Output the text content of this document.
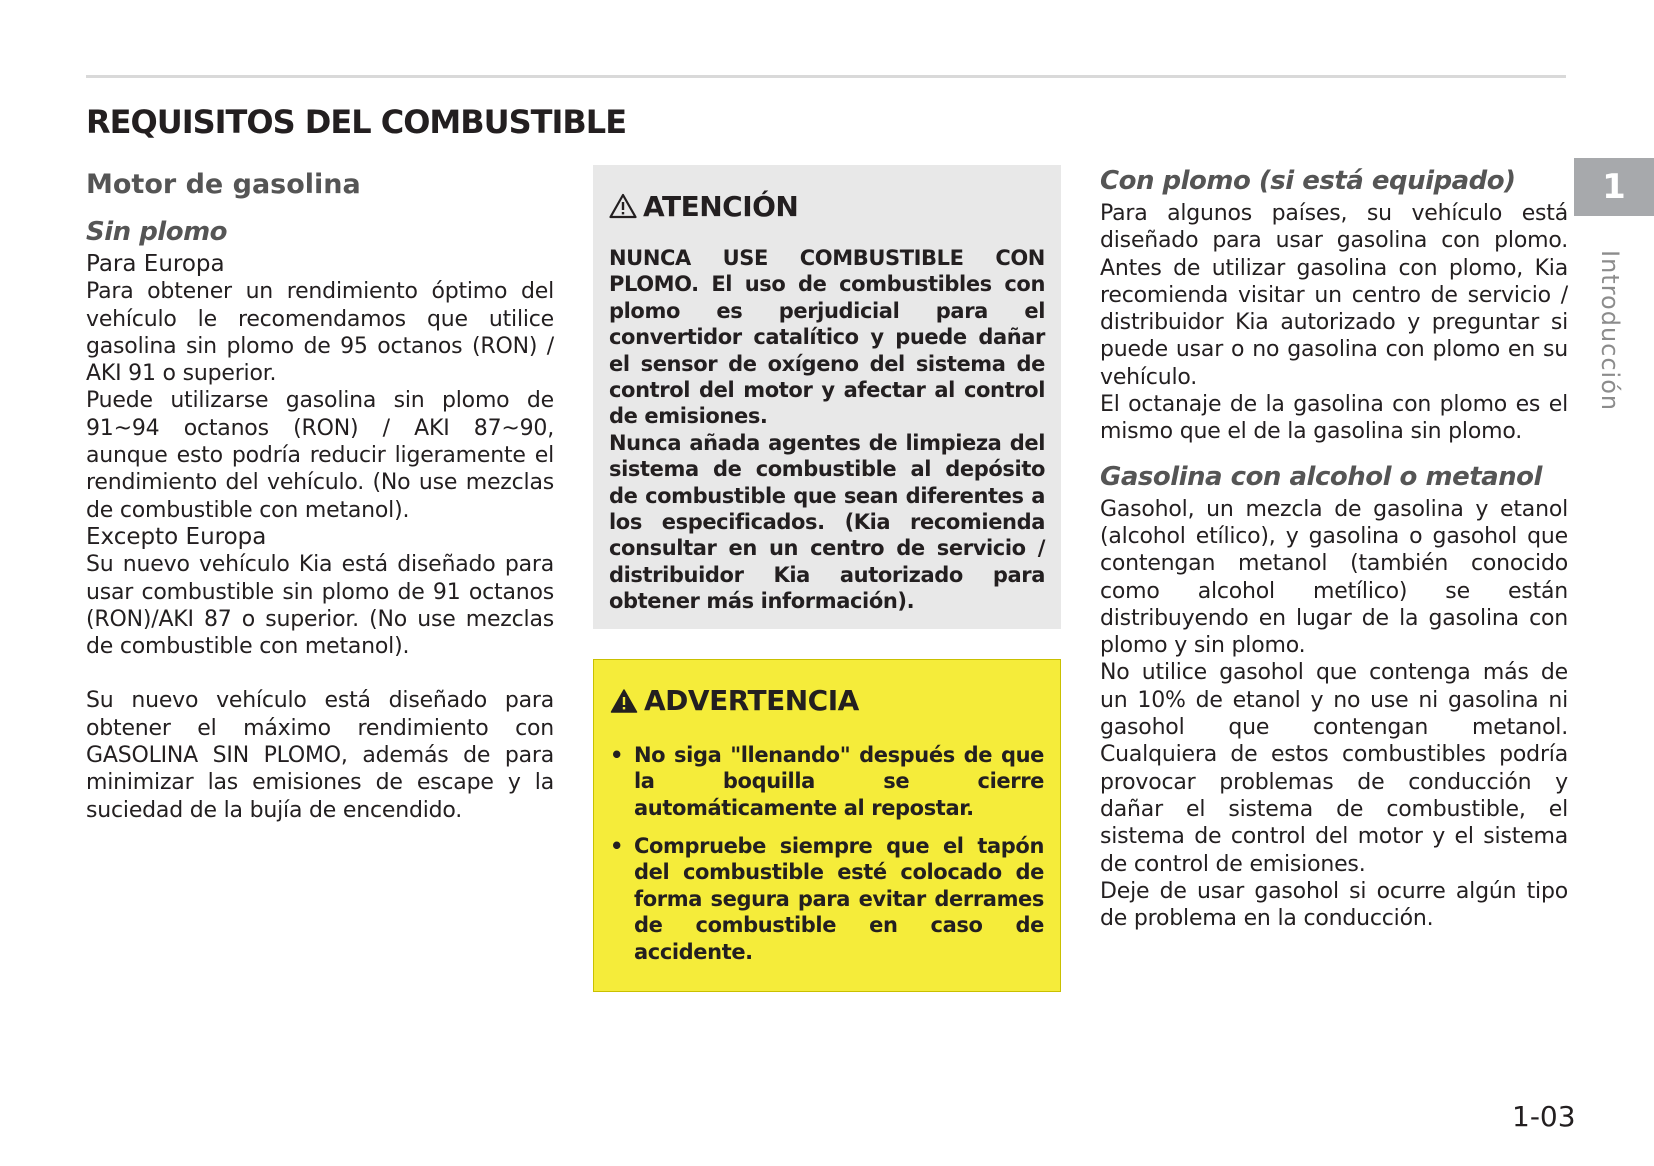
REQUISITOS DEL COMBUSTIBLE
Motor de gasolina
Sin plomo

Para Europa

Para obtener un rendimiento óptimo del vehículo le recomendamos que utilice gasolina sin plomo de 95 octanos (RON) / AKI 91 o superior.

Puede utilizarse gasolina sin plomo de 91~94 octanos (RON) / AKI 87~90, aunque esto podría reducir ligeramente el rendimiento del vehículo. (No use mezclas de combustible con metanol).

Excepto Europa

Su nuevo vehículo Kia está diseñado para usar combustible sin plomo de 91 octanos (RON)/AKI 87 o superior. (No use mezclas de combustible con metanol).

Su nuevo vehículo está diseñado para obtener el máximo rendimiento con GASOLINA SIN PLOMO, además de para minimizar las emisiones de escape y la suciedad de la bujía de encendido.

ATENCIÓN

NUNCA USE COMBUSTIBLE CON PLOMO. El uso de combustibles con plomo es perjudicial para el convertidor catalítico y puede dañar el sensor de oxígeno del sistema de control del motor y afectar al control de emisiones.

Nunca añada agentes de limpieza del sistema de combustible al depósito de combustible que sean diferentes a los especificados. (Kia recomienda consultar en un centro de servicio / distribuidor Kia autorizado para obtener más información).

ADVERTENCIA
• No siga "llenando" después de que la boquilla se cierre automáticamente al repostar.
• Compruebe siempre que el tapón del combustible esté colocado de forma segura para evitar derrames de combustible en caso de accidente.
Con plomo (si está equipado)

Para algunos países, su vehículo está diseñado para usar gasolina con plomo. Antes de utilizar gasolina con plomo, Kia recomienda visitar un centro de servicio / distribuidor Kia autorizado y preguntar si puede usar o no gasolina con plomo en su vehículo.

El octanaje de la gasolina con plomo es el mismo que el de la gasolina sin plomo.

Gasolina con alcohol o metanol

Gasohol, un mezcla de gasolina y etanol (alcohol etílico), y gasolina o gasohol que contengan metanol (también conocido como alcohol metílico) se están distribuyendo en lugar de la gasolina con plomo y sin plomo.

No utilice gasohol que contenga más de un 10% de etanol y no use ni gasolina ni gasohol que contengan metanol. Cualquiera de estos combustibles podría provocar problemas de conducción y dañar el sistema de combustible, el sistema de control del motor y el sistema de control de emisiones.

Deje de usar gasohol si ocurre algún tipo de problema en la conducción.

1
Introducción
1-03
